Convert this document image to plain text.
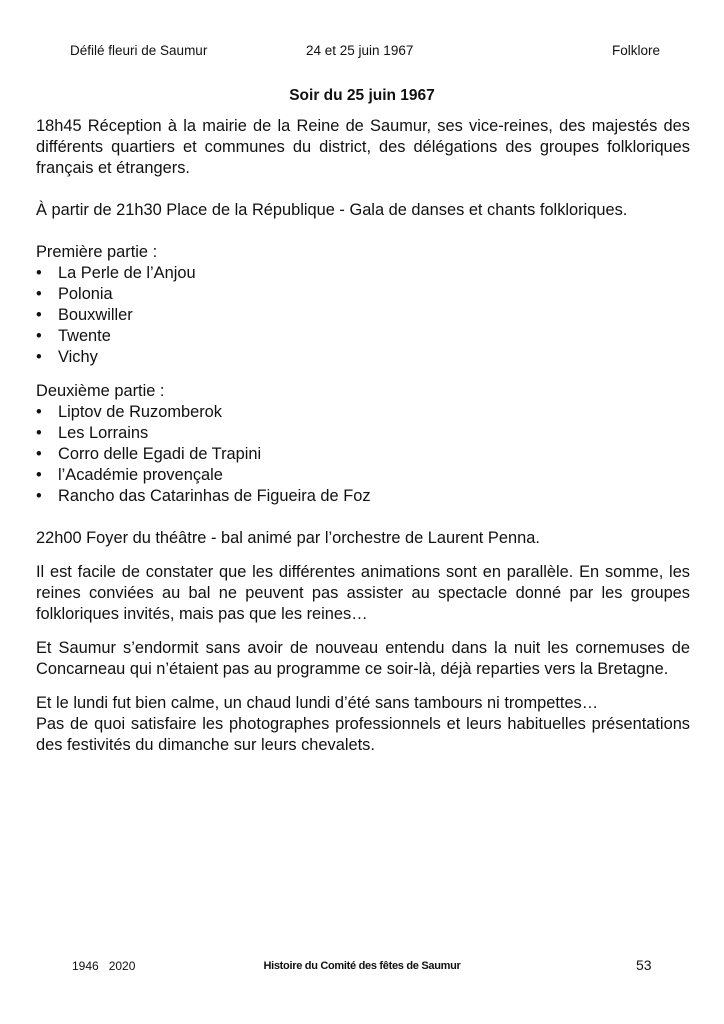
Défilé fleuri de Saumur	24 et 25 juin 1967	Folklore
Soir du 25 juin 1967

18h45 Réception à la mairie de la Reine de Saumur, ses vice-reines, des majestés des différents quartiers et communes du district, des délégations des groupes folkloriques français et étrangers.

À partir de 21h30 Place de la République - Gala de danses et chants folkloriques.

Première partie :

• La Perle de l’Anjou
• Polonia
• Bouxwiller
• Twente
• Vichy

Deuxième partie :

• Liptov de Ruzomberok
• Les Lorrains
• Corro delle Egadi de Trapini
• l’Académie provençale
• Rancho das Catarinhas de Figueira de Foz

22h00 Foyer du théâtre - bal animé par l’orchestre de Laurent Penna.

Il est facile de constater que les différentes animations sont en parallèle. En somme, les reines conviées au bal ne peuvent pas assister au spectacle donné par les groupes folkloriques invités, mais pas que les reines…

Et Saumur s’endormit sans avoir de nouveau entendu dans la nuit les cornemuses de Concarneau qui n’étaient pas au programme ce soir-là, déjà reparties vers la Bretagne.

Et le lundi fut bien calme, un chaud lundi d’été sans tambours ni trompettes…

Pas de quoi satisfaire les photographes professionnels et leurs habituelles présentations des festivités du dimanche sur leurs chevalets.

1946   2020	Histoire du Comité des fêtes de Saumur	53
